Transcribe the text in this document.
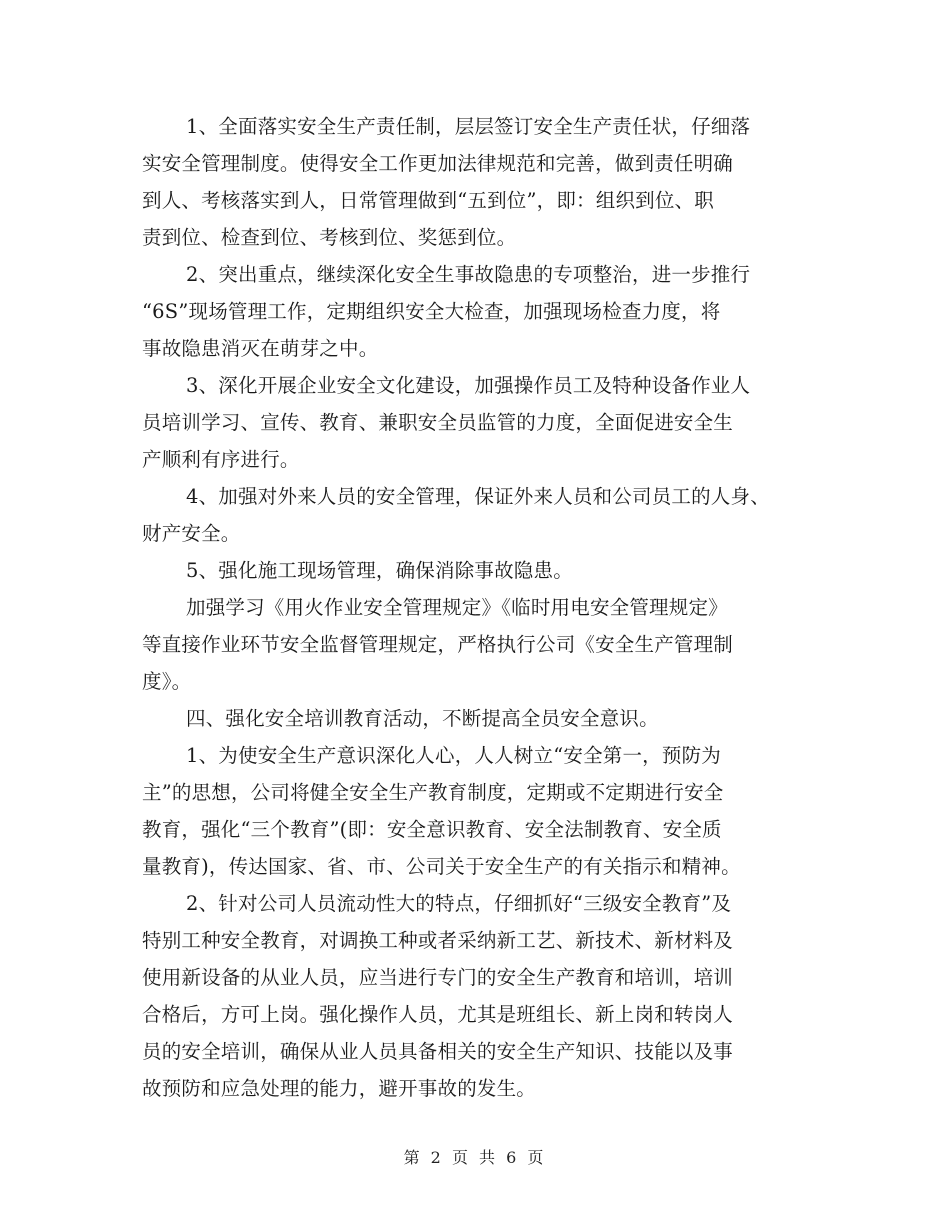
1、全面落实安全生产责任制，层层签订安全生产责任状，仔细落
实安全管理制度。使得安全工作更加法律规范和完善，做到责任明确
到人、考核落实到人，日常管理做到“五到位”，即：组织到位、职
责到位、检查到位、考核到位、奖惩到位。
2、突出重点，继续深化安全生事故隐患的专项整治，进一步推行
“6S”现场管理工作，定期组织安全大检查，加强现场检查力度，将
事故隐患消灭在萌芽之中。
3、深化开展企业安全文化建设，加强操作员工及特种设备作业人
员培训学习、宣传、教育、兼职安全员监管的力度，全面促进安全生
产顺利有序进行。
4、加强对外来人员的安全管理，保证外来人员和公司员工的人身、
财产安全。
5、强化施工现场管理，确保消除事故隐患。
加强学习《用火作业安全管理规定》《临时用电安全管理规定》
等直接作业环节安全监督管理规定，严格执行公司《安全生产管理制
度》。
四、强化安全培训教育活动，不断提高全员安全意识。
1、为使安全生产意识深化人心，人人树立“安全第一，预防为
主”的思想，公司将健全安全生产教育制度，定期或不定期进行安全
教育，强化“三个教育”(即：安全意识教育、安全法制教育、安全质
量教育)，传达国家、省、市、公司关于安全生产的有关指示和精神。
2、针对公司人员流动性大的特点，仔细抓好“三级安全教育”及
特别工种安全教育，对调换工种或者采纳新工艺、新技术、新材料及
使用新设备的从业人员，应当进行专门的安全生产教育和培训，培训
合格后，方可上岗。强化操作人员，尤其是班组长、新上岗和转岗人
员的安全培训，确保从业人员具备相关的安全生产知识、技能以及事
故预防和应急处理的能力，避开事故的发生。
第 2 页 共 6 页
